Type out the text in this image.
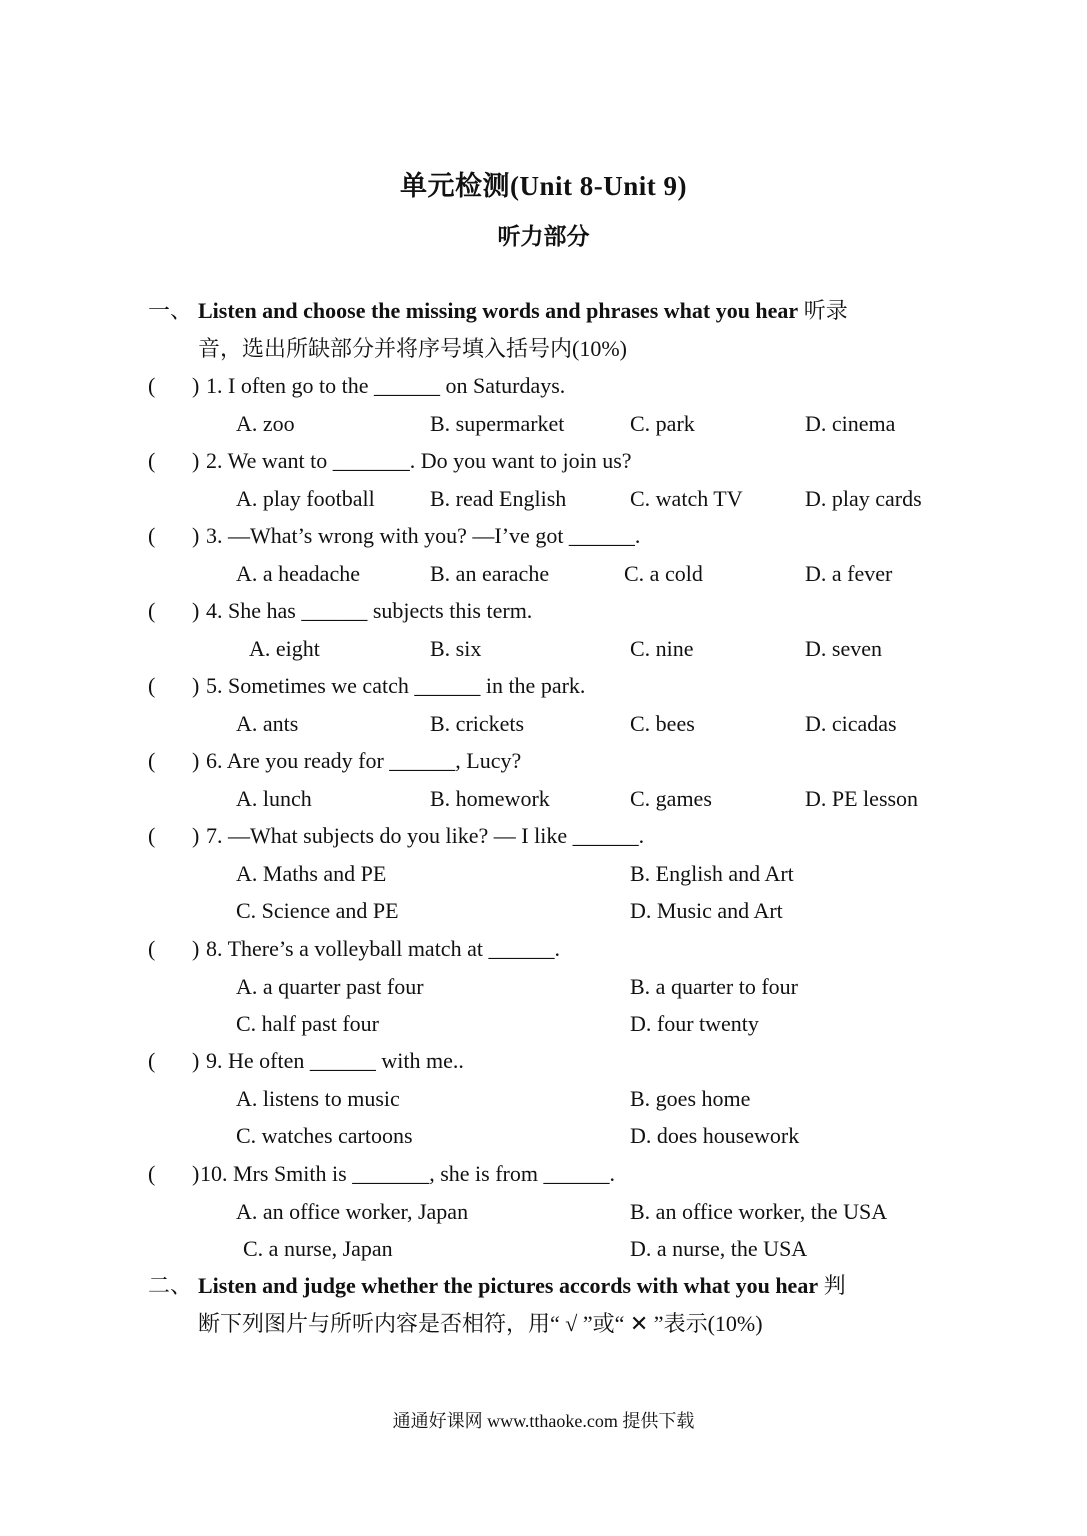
单元检测(Unit 8-Unit 9)
听力部分
一、 Listen and choose the missing words and phrases what you hear 听录
音，选出所缺部分并将序号填入括号内(10%)
( ) 1. I often go to the ______ on Saturdays.
A. zoo	B. supermarket	C. park	D. cinema
( ) 2. We want to _______. Do you want to join us?
A. play football	B. read English	C. watch TV	D. play cards
( ) 3. —What’s wrong with you? —I’ve got ______.
A. a headache	B. an earache	C. a cold	D. a fever
( ) 4. She has ______ subjects this term.
A. eight	B. six	C. nine	D. seven
( ) 5. Sometimes we catch ______ in the park.
A. ants	B. crickets	C. bees	D. cicadas
( ) 6. Are you ready for ______, Lucy?
A. lunch	B. homework	C. games	D. PE lesson
( ) 7. —What subjects do you like? — I like ______.
A. Maths and PE	B. English and Art
C. Science and PE	D. Music and Art
( ) 8. There’s a volleyball match at ______.
A. a quarter past four	B. a quarter to four
C. half past four	D. four twenty
( ) 9. He often ______ with me..
A. listens to music	B. goes home
C. watches cartoons	D. does housework
( ) 10. Mrs Smith is _______, she is from ______.
A. an office worker, Japan	B. an office worker, the USA
C. a nurse, Japan	D. a nurse, the USA
二、 Listen and judge whether the pictures accords with what you hear 判
断下列图片与所听内容是否相符，用“ √ ”或“ ✕ ”表示(10%)
通通好课网 www.tthaoke.com 提供下载
